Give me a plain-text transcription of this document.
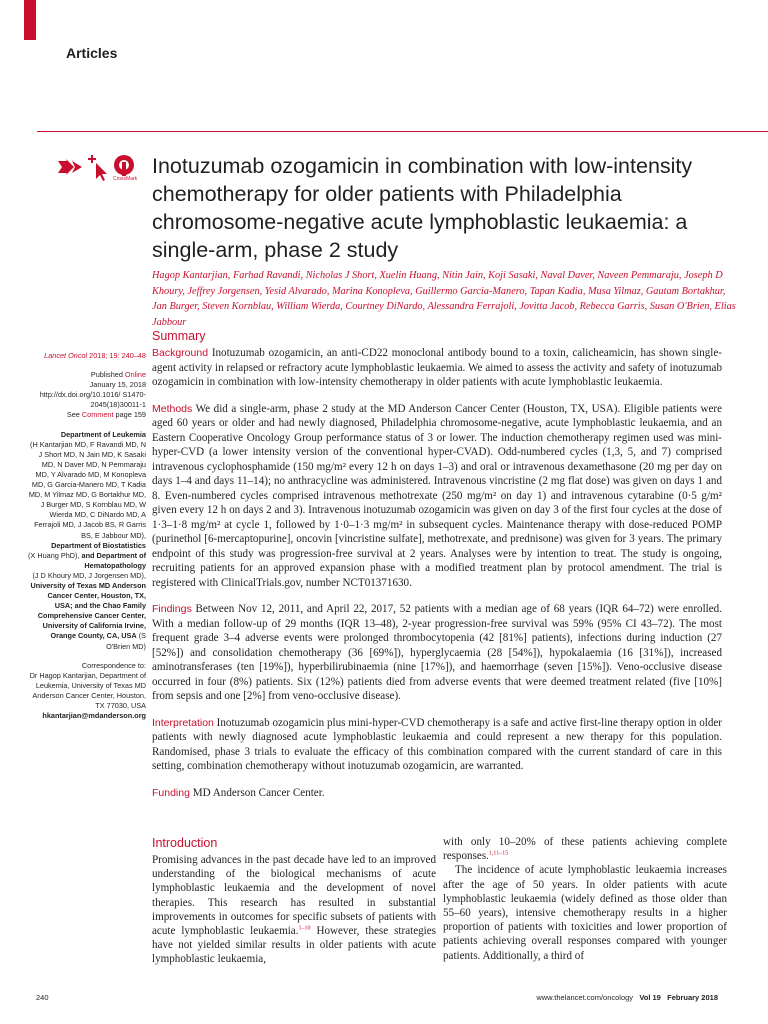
Articles
CrossMark
Inotuzumab ozogamicin in combination with low-intensity chemotherapy for older patients with Philadelphia chromosome-negative acute lymphoblastic leukaemia: a single-arm, phase 2 study

Hagop Kantarjian, Farhad Ravandi, Nicholas J Short, Xuelin Huang, Nitin Jain, Koji Sasaki, Naval Daver, Naveen Pemmaraju, Joseph D Khoury, Jeffrey Jorgensen, Yesid Alvarado, Marina Konopleva, Guillermo Garcia-Manero, Tapan Kadia, Musa Yilmaz, Gautam Bortakhur, Jan Burger, Steven Kornblau, William Wierda, Courtney DiNardo, Alessandra Ferrajoli, Jovitta Jacob, Rebecca Garris, Susan O'Brien, Elias Jabbour

Summary

Lancet Oncol 2018; 19: 240–48

Published Online
January 15, 2018
http://dx.doi.org/10.1016/ S1470-2045(18)30011-1
See Comment page 159

Department of Leukemia
(H Kantarjian MD, F Ravandi MD, N J Short MD, N Jain MD, K Sasaki MD, N Daver MD, N Pemmaraju MD, Y Alvarado MD, M Konopleva MD, G Garcia-Manero MD, T Kadia MD, M Yilmaz MD, G Bortakhur MD, J Burger MD, S Kornblau MD, W Wierda MD, C DiNardo MD, A Ferrajoli MD, J Jacob BS, R Garris BS, E Jabbour MD),
Department of Biostatistics
(X Huang PhD), and Department of Hematopathology
(J D Khoury MD, J Jorgensen MD), University of Texas MD Anderson Cancer Center, Houston, TX, USA; and the Chao Family Comprehensive Cancer Center, University of California Irvine, Orange County, CA, USA (S O'Brien MD)

Correspondence to:
Dr Hagop Kantarjian, Department of Leukemia, University of Texas MD Anderson Cancer Center, Houston, TX 77030, USA
hkantarjian@mdanderson.org

Background Inotuzumab ozogamicin, an anti-CD22 monoclonal antibody bound to a toxin, calicheamicin, has shown single-agent activity in relapsed or refractory acute lymphoblastic leukaemia. We aimed to assess the activity and safety of inotuzumab ozogamicin in combination with low-intensity chemotherapy in older patients with acute lymphoblastic leukaemia.

Methods We did a single-arm, phase 2 study at the MD Anderson Cancer Center (Houston, TX, USA). Eligible patients were aged 60 years or older and had newly diagnosed, Philadelphia chromosome-negative, acute lymphoblastic leukaemia, and an Eastern Cooperative Oncology Group performance status of 3 or lower. The induction chemotherapy regimen used was mini-hyper-CVD (a lower intensity version of the conventional hyper-CVAD). Odd-numbered cycles (1,3, 5, and 7) comprised intravenous cyclophosphamide (150 mg/m² every 12 h on days 1–3) and oral or intravenous dexamethasone (20 mg per day on days 1–4 and days 11–14); no anthracycline was administered. Intravenous vincristine (2 mg flat dose) was given on days 1 and 8. Even-numbered cycles comprised intravenous methotrexate (250 mg/m² on day 1) and intravenous cytarabine (0·5 g/m² given every 12 h on days 2 and 3). Intravenous inotuzumab ozogamicin was given on day 3 of the first four cycles at the dose of 1·3–1·8 mg/m² at cycle 1, followed by 1·0–1·3 mg/m² in subsequent cycles. Maintenance therapy with dose-reduced POMP (purinethol [6-mercaptopurine], oncovin [vincristine sulfate], methotrexate, and prednisone) was given for 3 years. The primary endpoint of this study was progression-free survival at 2 years. Analyses were by intention to treat. The study is ongoing, recruiting patients for an approved expansion phase with a modified treatment plan by protocol amendment. The trial is registered with ClinicalTrials.gov, number NCT01371630.

Findings Between Nov 12, 2011, and April 22, 2017, 52 patients with a median age of 68 years (IQR 64–72) were enrolled. With a median follow-up of 29 months (IQR 13–48), 2-year progression-free survival was 59% (95% CI 43–72). The most frequent grade 3–4 adverse events were prolonged thrombocytopenia (42 [81%] patients), infections during induction (27 [52%]) and consolidation chemotherapy (36 [69%]), hyperglycaemia (28 [54%]), hypokalaemia (16 [31%]), increased aminotransferases (ten [19%]), hyperbilirubinaemia (nine [17%]), and haemorrhage (seven [15%]). Veno-occlusive disease occurred in four (8%) patients. Six (12%) patients died from adverse events that were deemed treatment related (five [10%] from sepsis and one [2%] from veno-occlusive disease).

Interpretation Inotuzumab ozogamicin plus mini-hyper-CVD chemotherapy is a safe and active first-line therapy option in older patients with newly diagnosed acute lymphoblastic leukaemia and could represent a new therapy for this population. Randomised, phase 3 trials to evaluate the efficacy of this combination compared with the current standard of care in this setting, combination chemotherapy without inotuzumab ozogamicin, are warranted.

Funding MD Anderson Cancer Center.

Introduction

Promising advances in the past decade have led to an improved understanding of the biological mechanisms of acute lymphoblastic leukaemia and the development of novel therapies. This research has resulted in substantial improvements in outcomes for specific subsets of patients with acute lymphoblastic leukaemia.$^{1-10}$ However, these strategies have not yielded similar results in older patients with acute lymphoblastic leukaemia,

with only 10–20% of these patients achieving complete responses.$^{1,11-15}$

The incidence of acute lymphoblastic leukaemia increases after the age of 50 years. In older patients with acute lymphoblastic leukaemia (widely defined as those older than 55–60 years), intensive chemotherapy results in a higher proportion of patients with toxicities and lower proportion of patients achieving overall responses compared with younger patients. Additionally, a third of

240	www.thelancet.com/oncology Vol 19 February 2018
